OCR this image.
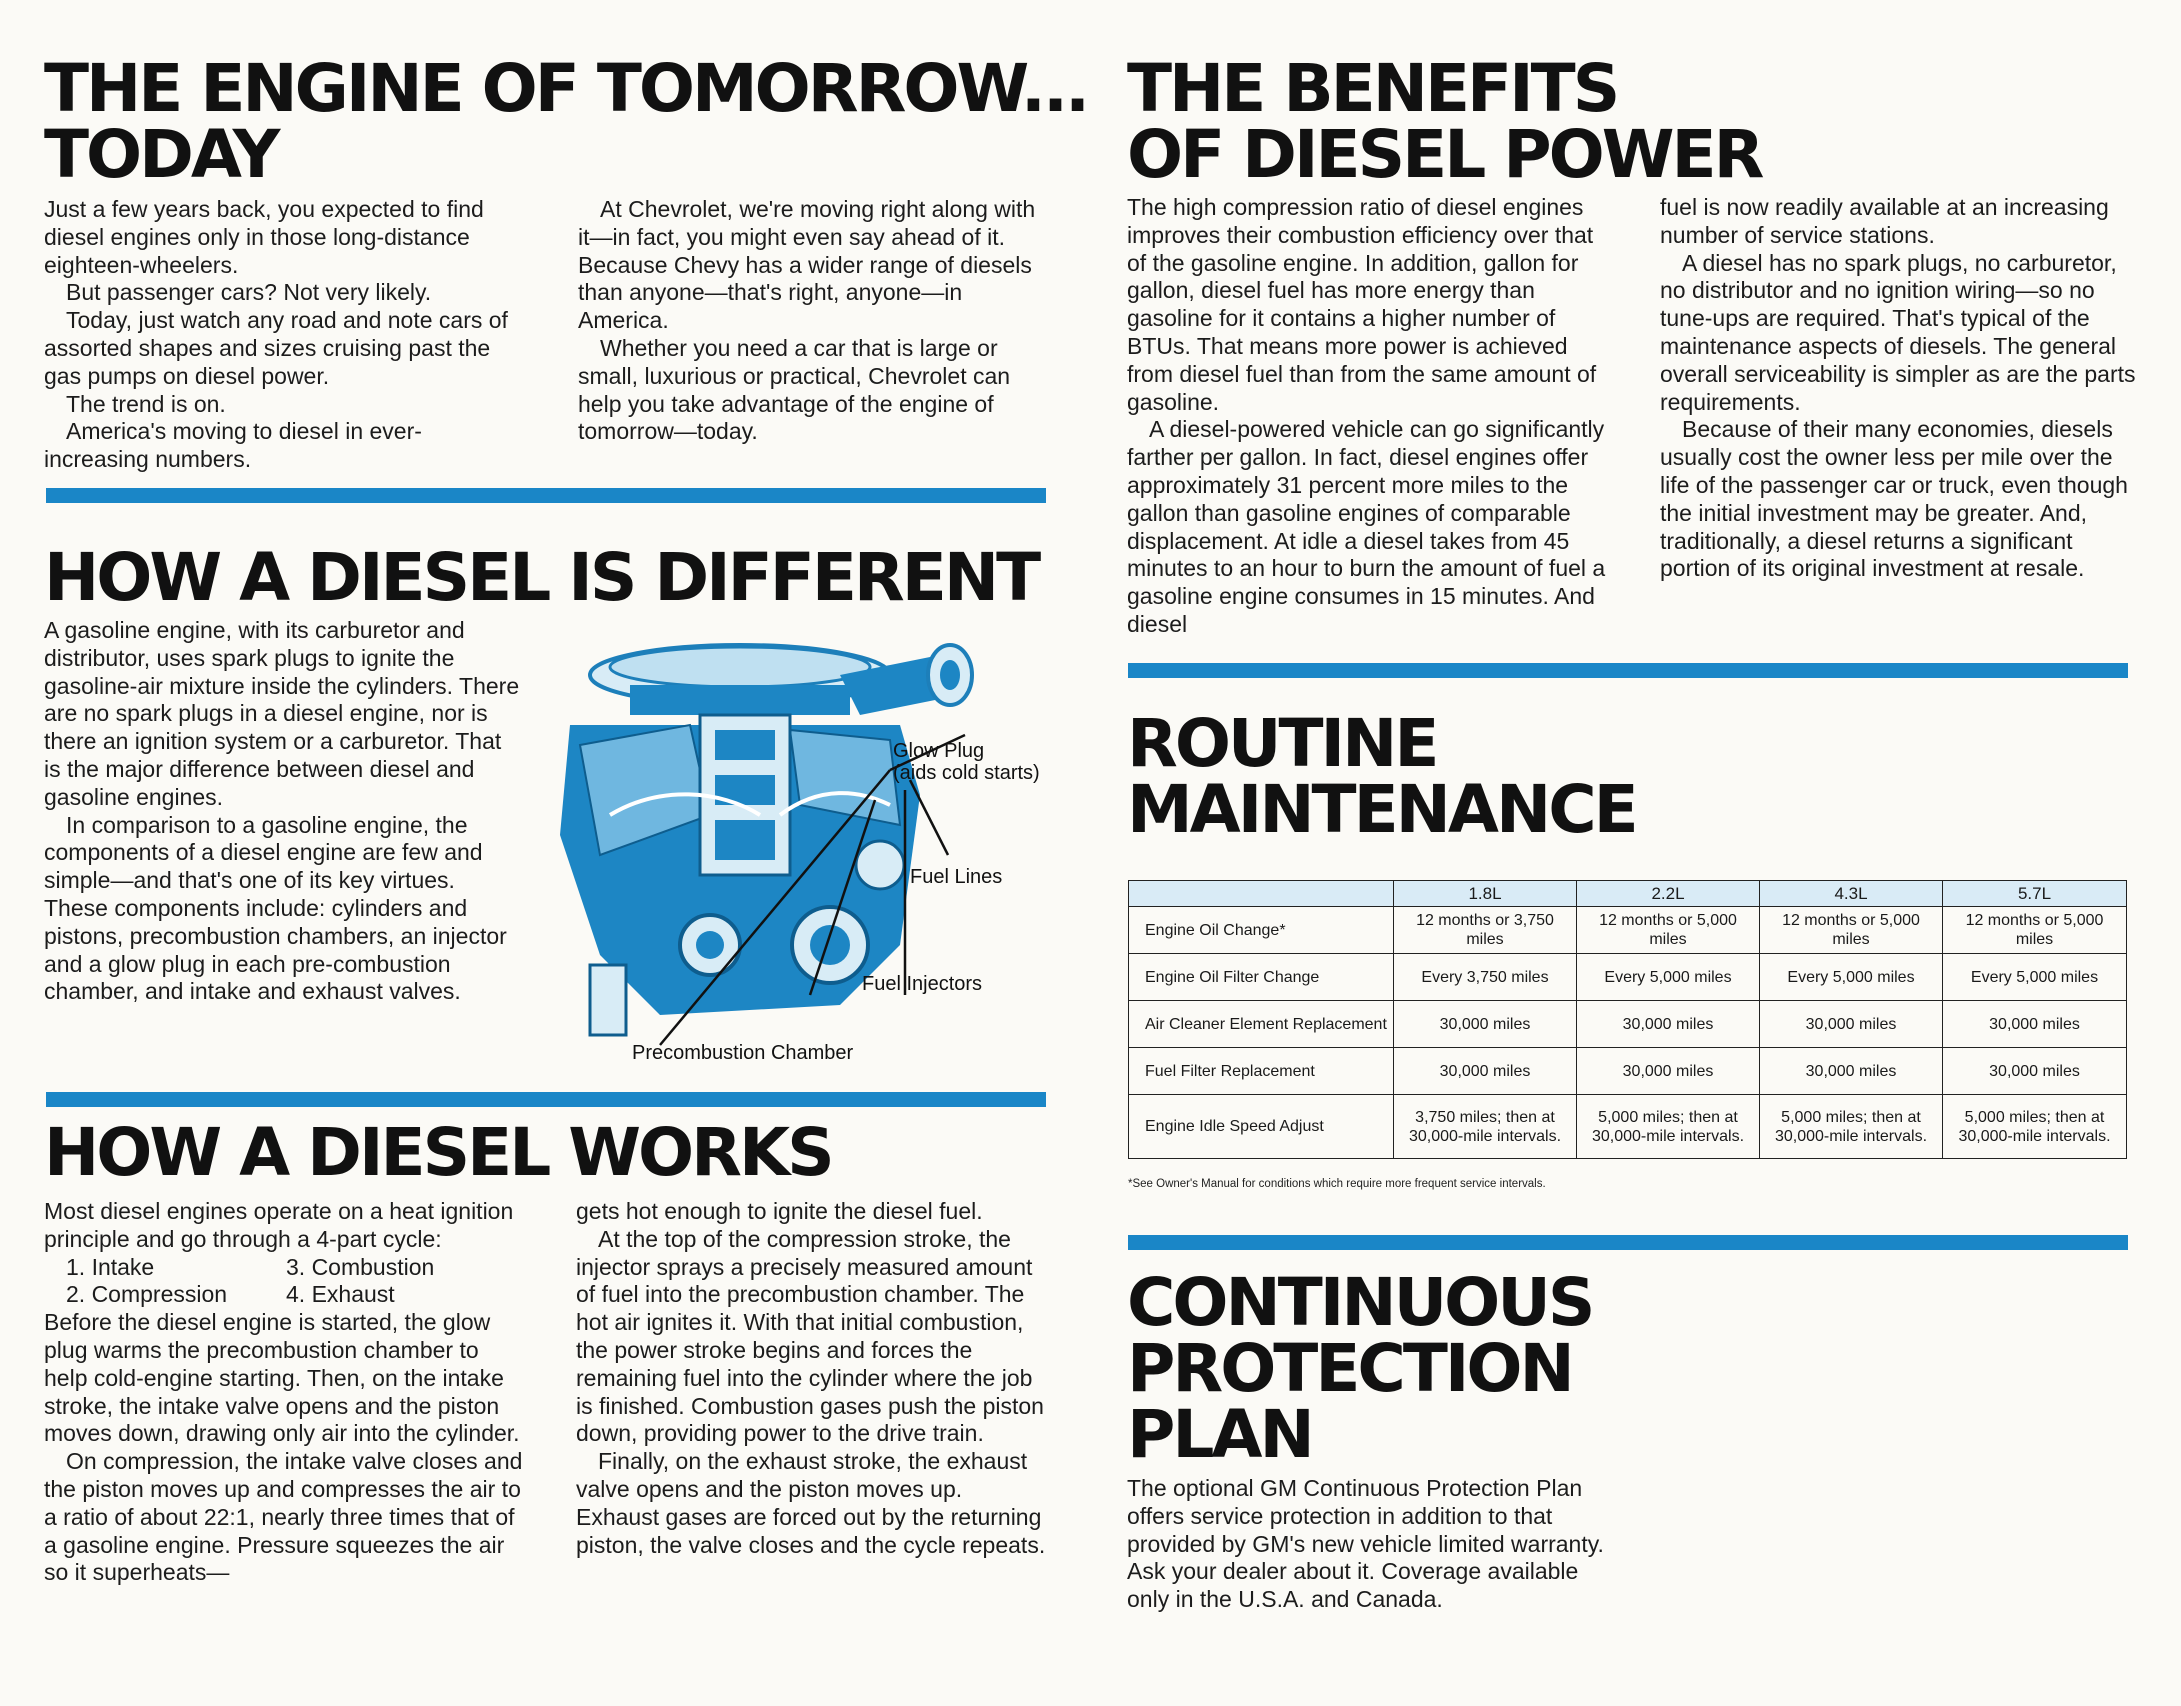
THE ENGINE OF TOMORROW...
TODAY

Just a few years back, you expected to find diesel engines only in those long-distance eighteen-wheelers.

But passenger cars? Not very likely.

Today, just watch any road and note cars of assorted shapes and sizes cruising past the gas pumps on diesel power.

The trend is on.

America's moving to diesel in ever-increasing numbers.

At Chevrolet, we're moving right along with it—in fact, you might even say ahead of it. Because Chevy has a wider range of diesels than anyone—that's right, anyone—in America.

Whether you need a car that is large or small, luxurious or practical, Chevrolet can help you take advantage of the engine of tomorrow—today.

HOW A DIESEL IS DIFFERENT

A gasoline engine, with its carburetor and distributor, uses spark plugs to ignite the gasoline-air mixture inside the cylinders. There are no spark plugs in a diesel engine, nor is there an ignition system or a carburetor. That is the major difference between diesel and gasoline engines.

In comparison to a gasoline engine, the components of a diesel engine are few and simple—and that's one of its key virtues. These components include: cylinders and pistons, precombustion chambers, an injector and a glow plug in each pre-combustion chamber, and intake and exhaust valves.

Glow Plug
(aids cold starts)
Fuel Lines
Fuel Injectors
Precombustion Chamber
HOW A DIESEL WORKS

Most diesel engines operate on a heat ignition principle and go through a 4-part cycle:

1. Intake	3. Combustion
2. Compression	4. Exhaust

Before the diesel engine is started, the glow plug warms the precombustion chamber to help cold-engine starting. Then, on the intake stroke, the intake valve opens and the piston moves down, drawing only air into the cylinder.

On compression, the intake valve closes and the piston moves up and compresses the air to a ratio of about 22:1, nearly three times that of a gasoline engine. Pressure squeezes the air so it superheats—

gets hot enough to ignite the diesel fuel.

At the top of the compression stroke, the injector sprays a precisely measured amount of fuel into the precombustion chamber. The hot air ignites it. With that initial combustion, the power stroke begins and forces the remaining fuel into the cylinder where the job is finished. Combustion gases push the piston down, providing power to the drive train.

Finally, on the exhaust stroke, the exhaust valve opens and the piston moves up. Exhaust gases are forced out by the returning piston, the valve closes and the cycle repeats.

THE BENEFITS
OF DIESEL POWER

The high compression ratio of diesel engines improves their combustion efficiency over that of the gasoline engine. In addition, gallon for gallon, diesel fuel has more energy than gasoline for it contains a higher number of BTUs. That means more power is achieved from diesel fuel than from the same amount of gasoline.

A diesel-powered vehicle can go significantly farther per gallon. In fact, diesel engines offer approximately 31 percent more miles to the gallon than gasoline engines of comparable displacement. At idle a diesel takes from 45 minutes to an hour to burn the amount of fuel a gasoline engine consumes in 15 minutes. And diesel

fuel is now readily available at an increasing number of service stations.

A diesel has no spark plugs, no carburetor, no distributor and no ignition wiring—so no tune-ups are required. That's typical of the maintenance aspects of diesels. The general overall serviceability is simpler as are the parts requirements.

Because of their many economies, diesels usually cost the owner less per mile over the life of the passenger car or truck, even though the initial investment may be greater. And, traditionally, a diesel returns a significant portion of its original investment at resale.

ROUTINE
MAINTENANCE
	1.8L	2.2L	4.3L	5.7L
Engine Oil Change*	12 months or 3,750 miles	12 months or 5,000 miles	12 months or 5,000 miles	12 months or 5,000 miles
Engine Oil Filter Change	Every 3,750 miles	Every 5,000 miles	Every 5,000 miles	Every 5,000 miles
Air Cleaner Element Replacement	30,000 miles	30,000 miles	30,000 miles	30,000 miles
Fuel Filter Replacement	30,000 miles	30,000 miles	30,000 miles	30,000 miles
Engine Idle Speed Adjust	3,750 miles; then at 30,000-mile intervals.	5,000 miles; then at 30,000-mile intervals.	5,000 miles; then at 30,000-mile intervals.	5,000 miles; then at 30,000-mile intervals.
*See Owner's Manual for conditions which require more frequent service intervals.
CONTINUOUS
PROTECTION
PLAN

The optional GM Continuous Protection Plan offers service protection in addition to that provided by GM's new vehicle limited warranty. Ask your dealer about it. Coverage available only in the U.S.A. and Canada.
